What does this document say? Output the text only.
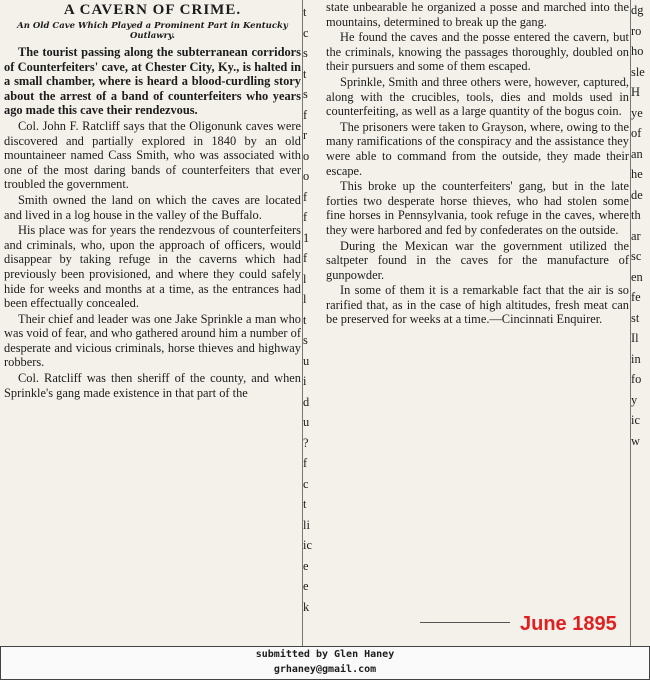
A CAVERN OF CRIME.
An Old Cave Which Played a Prominent Part in Kentucky Outlawry.

The tourist passing along the subterranean corridors of Counterfeiters' cave, at Chester City, Ky., is halted in a small chamber, where is heard a blood-curdling story about the arrest of a band of counterfeiters who years ago made this cave their rendezvous.

Col. John F. Ratcliff says that the Oligonunk caves were discovered and partially explored in 1840 by an old mountaineer named Cass Smith, who was associated with one of the most daring bands of counterfeiters that ever troubled the government.

Smith owned the land on which the caves are located and lived in a log house in the valley of the Buffalo.

His place was for years the rendezvous of counterfeiters and criminals, who, upon the approach of officers, would disappear by taking refuge in the caverns which had previously been provisioned, and where they could safely hide for weeks and months at a time, as the entrances had been effectually concealed.

Their chief and leader was one Jake Sprinkle a man who was void of fear, and who gathered around him a number of desperate and vicious criminals, horse thieves and highway robbers.

Col. Ratcliff was then sheriff of the county, and when Sprinkle's gang made existence in that part of the

t
c
s
t
s
f
r
o
o
f
f
1
f
l
l
t
s
u
i
d
u
?
f
c
t
li
ic
e
e
k

state unbearable he organized a posse and marched into the mountains, determined to break up the gang.

He found the caves and the posse entered the cavern, but the criminals, knowing the passages thoroughly, doubled on their pursuers and some of them escaped.

Sprinkle, Smith and three others were, however, captured, along with the crucibles, tools, dies and molds used in counterfeiting, as well as a large quantity of the bogus coin.

The prisoners were taken to Grayson, where, owing to the many ramifications of the conspiracy and the assistance they were able to command from the outside, they made their escape.

This broke up the counterfeiters' gang, but in the late forties two desperate horse thieves, who had stolen some fine horses in Pennsylvania, took refuge in the caves, where they were harbored and fed by confederates on the outside.

During the Mexican war the government utilized the saltpeter found in the caves for the manufacture of gunpowder.

In some of them it is a remarkable fact that the air is so rarified that, as in the case of high altitudes, fresh meat can be preserved for weeks at a time.—Cincinnati Enquirer.

dg
ro
ho
sle
H
ye
of
an
he
de
th
ar
sc
en
fe
st
Il
in
fo
y
ic
w
June 1895
submitted by Glen Haney
grhaney@gmail.com
